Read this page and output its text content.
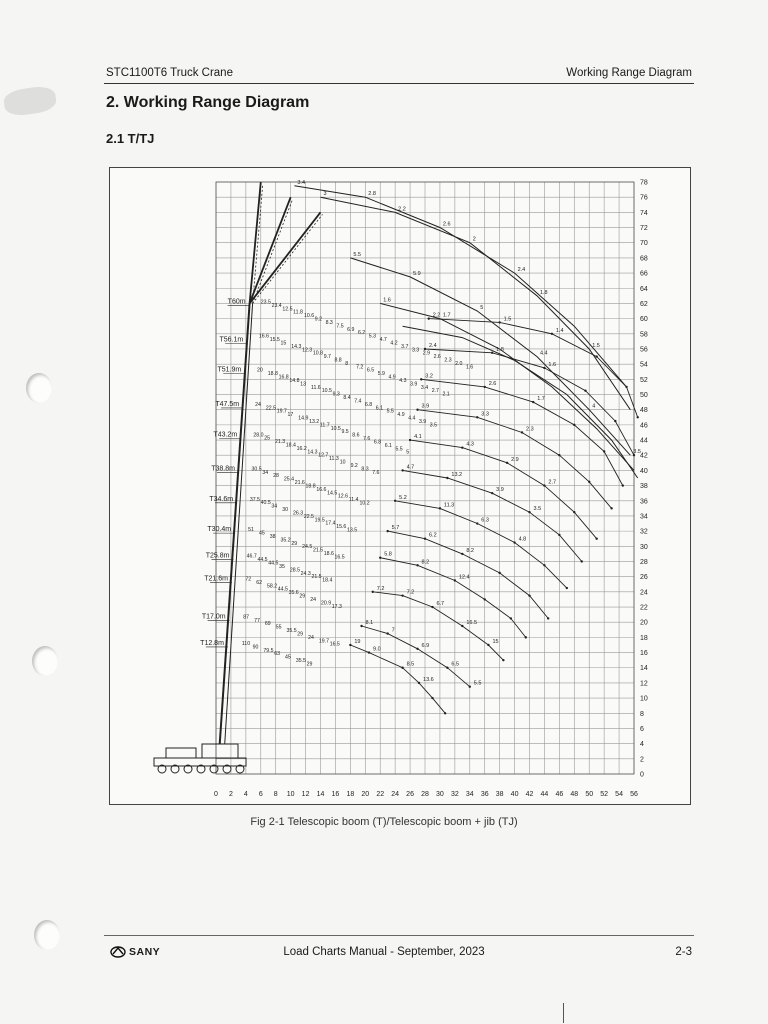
STC1100T6 Truck Crane	Working Range Diagram
2. Working Range Diagram
2.1 T/TJ
0 2 4 6 8 10 12 14 16 18 20 22 24 26 28 30 32 34 36 38 40 42 44 46 48 50 52 54 56
0
2
4
6
8
10
12
14
16
18
20
22
24
26
28
30
32
34
36
38
40
42
44
46
48
50
52
54
56
58
60
62
64
66
68
70
72
74
76
78
T12.8m
T17.0m
T21.6m
T25.8m
T30.4m
T34.6m
T38.8m
T43.2m
T47.5m
T51.9m
T56.1m
T60m
19
9.0
8.5
13.6
8.1
7
6.9
6.5
5.5
7.2
7.2
6.7
16.5
15
5.8
8.2
12.4
5.7
6.2
8.2
5.2
11.3
6.3
4.8
4.7
13.2
3.9
3.5
4.1
4.3
2.9
2.7
3.9
3.3
2.3
3.2
2.6
1.7
2.4
1.8
1.6
2.2
1.5
1.4
3.4
2.8
2.6
2.4
3
2.2
2
1.8
1.5
5.5
5.9
5
4.4
4
3.5
1.6
1.7
23.5
23.4
12.5
11.8
10.6
9.2
8.3
7.5
6.9
6.2
5.3
4.7
4.2
3.7
3.3
2.9
2.6
2.3
2.0
1.6
16.6
15.5
15
14.3
12.3
10.8
9.7
8.8
8
7.2
6.5
5.9
4.9
4.3
3.9
3.4
2.7
2.1
20
18.8
16.8
14.8
13
11.6
10.5
9.3
8.4
7.4
6.8
6.1
5.5
4.9
4.4
3.9
3.5
24
22.5
19.7
17
14.9
13.2
11.7
10.5
9.5
8.6
7.6
6.8
6.1
5.5
5
28.0
25
21.3
18.4
16.2
14.3
12.7
11.3
10
9.2
8.3
7.6
30.5
34
28
25.4
21.6
18.8
16.6
14.5
12.6
11.4
10.2
37.5
40.5
34
30
26.3
22.5
19.5
17.4
15.6
13.5
51
45
38
35.2
29
24.5
21.5
18.6
16.5
46.7
44.5
44.5
35
28.5
24.3
21.5
18.4
72
62
58.2
44.5
35.6
29
24
20.9
17.3
87
77
69
55
35.5
29
24
19.7
16.5
110
90
79.5
63
45
35.5
29
Fig 2-1 Telescopic boom (T)/Telescopic boom + jib (TJ)
SANY	Load Charts Manual - September, 2023	2-3
